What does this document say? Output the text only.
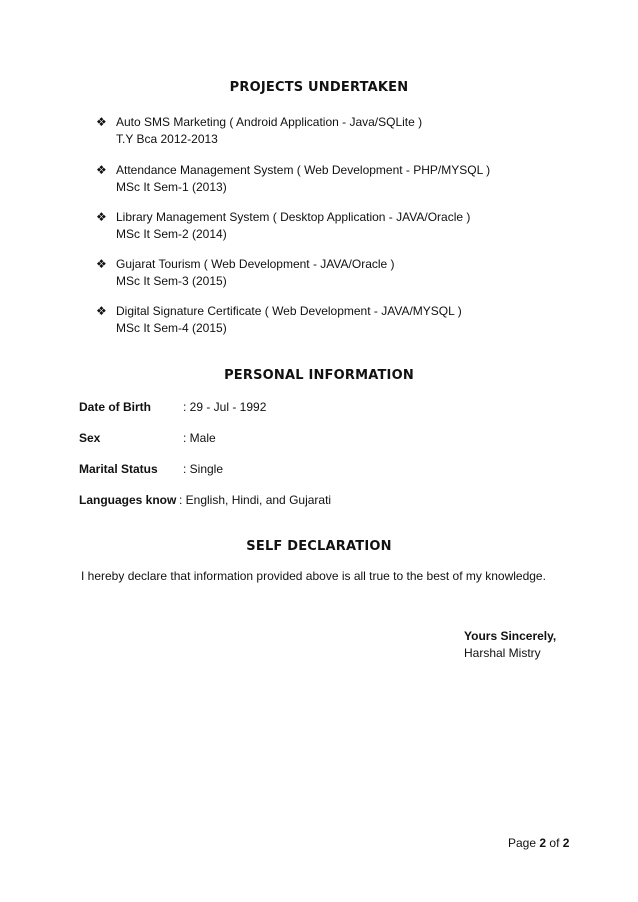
PROJECTS UNDERTAKEN
❖ Auto SMS Marketing ( Android Application - Java/SQLite )
T.Y Bca 2012-2013
❖ Attendance Management System ( Web Development - PHP/MYSQL )
MSc It Sem-1 (2013)
❖ Library Management System ( Desktop Application - JAVA/Oracle )
MSc It Sem-2 (2014)
❖ Gujarat Tourism ( Web Development - JAVA/Oracle )
MSc It Sem-3 (2015)
❖ Digital Signature Certificate ( Web Development - JAVA/MYSQL )
MSc It Sem-4 (2015)
PERSONAL INFORMATION
Date of Birth	: 29 - Jul - 1992
Sex	: Male
Marital Status : Single
Languages know : English, Hindi, and Gujarati
SELF DECLARATION
I hereby declare that information provided above is all true to the best of my knowledge.
Yours Sincerely,
Harshal Mistry
Page 2 of 2
